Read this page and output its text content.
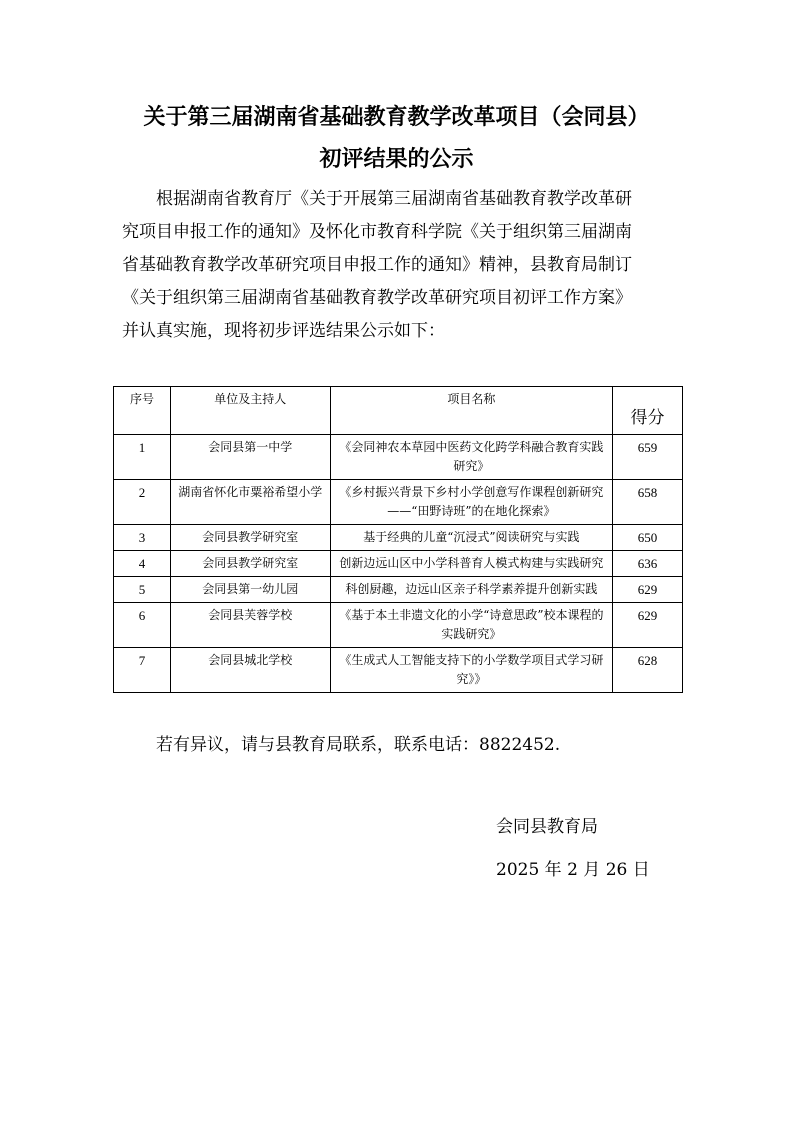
关于第三届湖南省基础教育教学改革项目（会同县）
初评结果的公示
根据湖南省教育厅《关于开展第三届湖南省基础教育教学改革研
究项目申报工作的通知》及怀化市教育科学院《关于组织第三届湖南
省基础教育教学改革研究项目申报工作的通知》精神，县教育局制订
《关于组织第三届湖南省基础教育教学改革研究项目初评工作方案》
并认真实施，现将初步评选结果公示如下：
序号	单位及主持人	项目名称	得分
1	会同县第一中学	《会同神农本草园中医药文化跨学科融合教育实践研究》	659
2	湖南省怀化市粟裕希望小学	《乡村振兴背景下乡村小学创意写作课程创新研究——“田野诗班”的在地化探索》	658
3	会同县教学研究室	基于经典的儿童“沉浸式”阅读研究与实践	650
4	会同县教学研究室	创新边远山区中小学科普育人模式构建与实践研究	636
5	会同县第一幼儿园	科创厨趣，边远山区亲子科学素养提升创新实践	629
6	会同县芙蓉学校	《基于本土非遗文化的小学“诗意思政”校本课程的实践研究》	629
7	会同县城北学校	《生成式人工智能支持下的小学数学项目式学习研究》》	628
若有异议，请与县教育局联系，联系电话：8822452.
会同县教育局
2025 年 2 月 26 日
